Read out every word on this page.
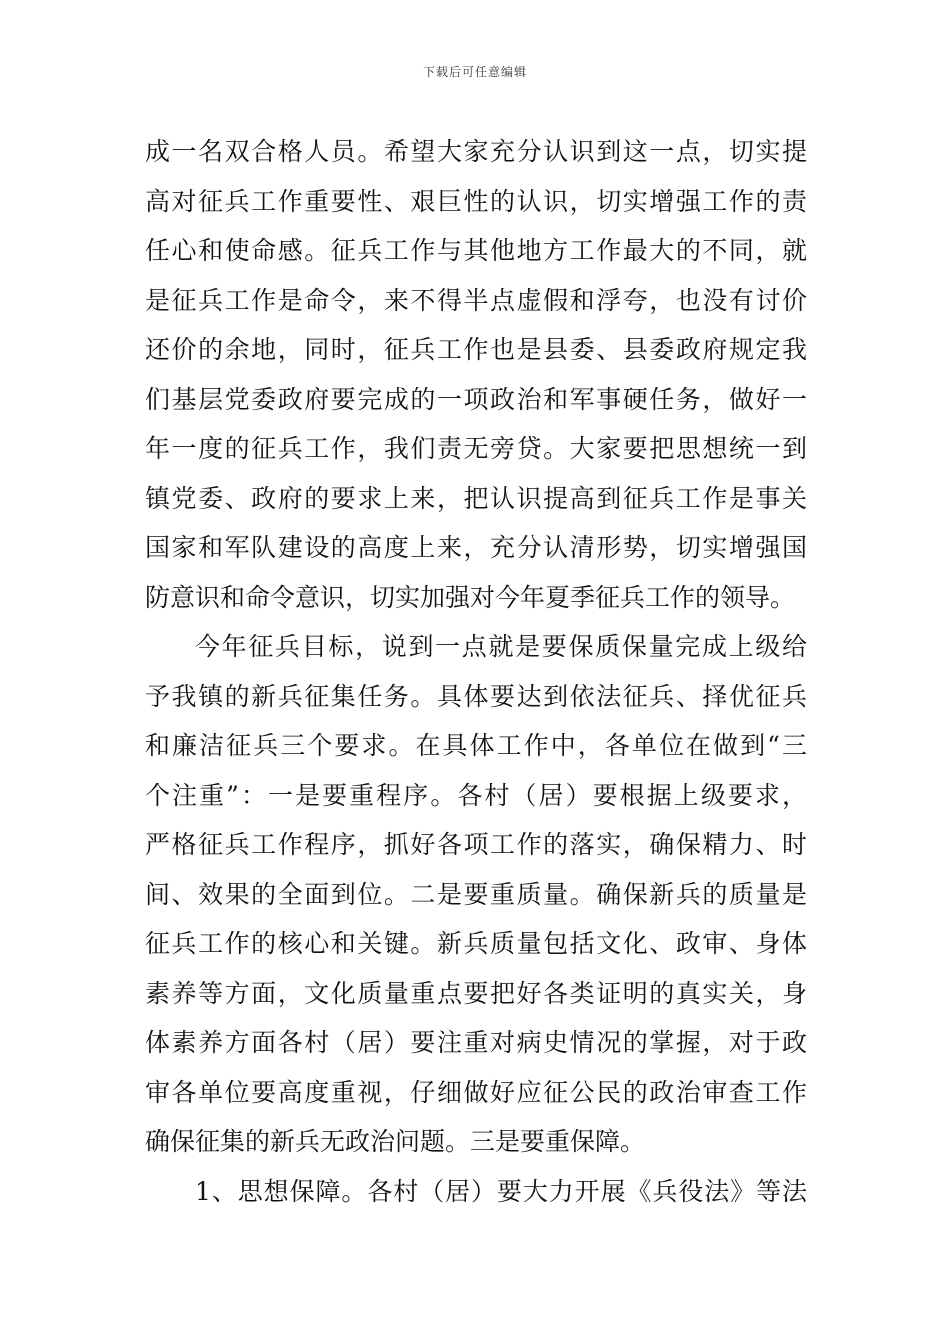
下载后可任意编辑
成一名双合格人员。希望大家充分认识到这一点，切实提
高对征兵工作重要性、艰巨性的认识，切实增强工作的责
任心和使命感。征兵工作与其他地方工作最大的不同，就
是征兵工作是命令，来不得半点虚假和浮夸，也没有讨价
还价的余地，同时，征兵工作也是县委、县委政府规定我
们基层党委政府要完成的一项政治和军事硬任务，做好一
年一度的征兵工作，我们责无旁贷。大家要把思想统一到
镇党委、政府的要求上来，把认识提高到征兵工作是事关
国家和军队建设的高度上来，充分认清形势，切实增强国
防意识和命令意识，切实加强对今年夏季征兵工作的领导。
今年征兵目标，说到一点就是要保质保量完成上级给
予我镇的新兵征集任务。具体要达到依法征兵、择优征兵
和廉洁征兵三个要求。在具体工作中，各单位在做到“三
个注重”：一是要重程序。各村（居）要根据上级要求，
严格征兵工作程序，抓好各项工作的落实，确保精力、时
间、效果的全面到位。二是要重质量。确保新兵的质量是
征兵工作的核心和关键。新兵质量包括文化、政审、身体
素养等方面，文化质量重点要把好各类证明的真实关，身
体素养方面各村（居）要注重对病史情况的掌握，对于政
审各单位要高度重视，仔细做好应征公民的政治审查工作
确保征集的新兵无政治问题。三是要重保障。
1、思想保障。各村（居）要大力开展《兵役法》等法
